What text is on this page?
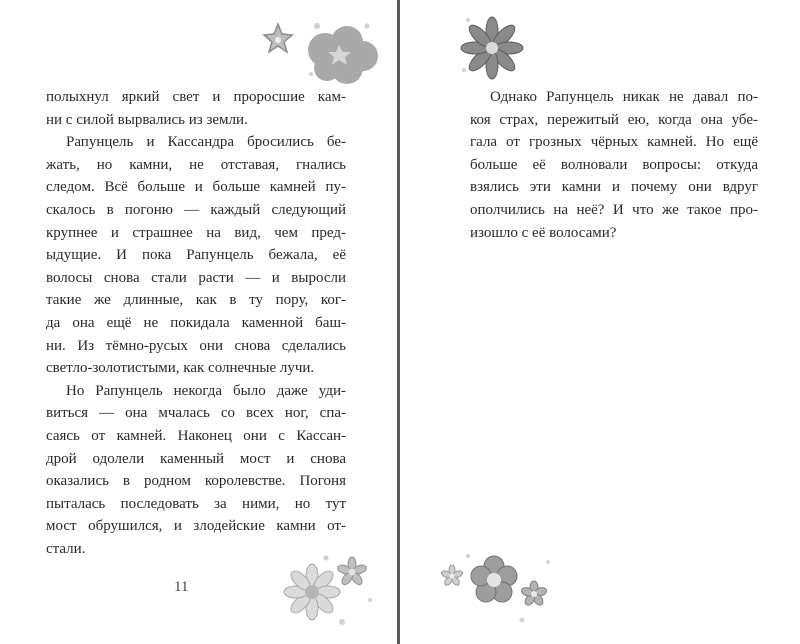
полыхнул яркий свет и проросшие кам-
ни с силой вырвались из земли.
Рапунцель и Кассандра бросились бе-
жать, но камни, не отставая, гнались
следом. Всё больше и больше камней пу-
скалось в погоню — каждый следующий
крупнее и страшнее на вид, чем пред-
ыдущие. И пока Рапунцель бежала, её
волосы снова стали расти — и выросли
такие же длинные, как в ту пору, ког-
да она ещё не покидала каменной баш-
ни. Из тёмно-русых они снова сделались
светло-золотистыми, как солнечные лучи.
Но Рапунцель некогда было даже уди-
виться — она мчалась со всех ног, спа-
саясь от камней. Наконец они с Кассан-
дрой одолели каменный мост и снова
оказались в родном королевстве. Погоня
пыталась последовать за ними, но тут
мост обрушился, и злодейские камни от-
стали.
11
Однако Рапунцель никак не давал по-
коя страх, пережитый ею, когда она убе-
гала от грозных чёрных камней. Но ещё
больше её волновали вопросы: откуда
взялись эти камни и почему они вдруг
ополчились на неё? И что же такое про-
изошло с её волосами?
